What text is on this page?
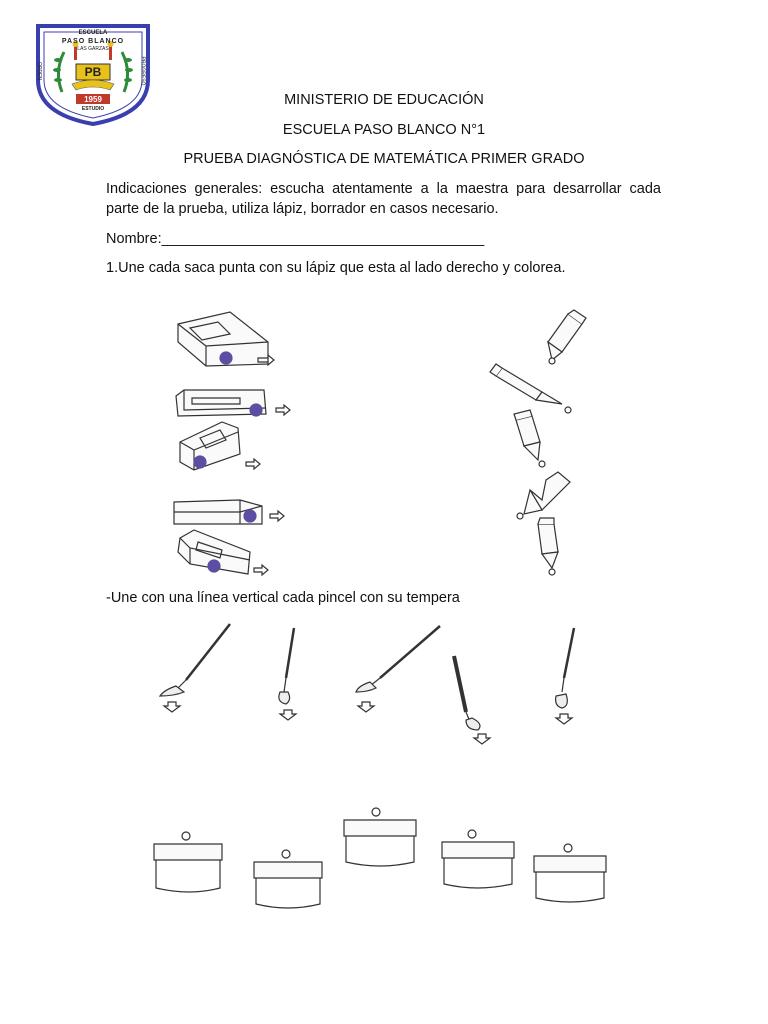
ESCUELA
PASO BLANCO
LAS GARZAS
PB
ORDEN	PROGRESO
1959
ESTUDIO
MINISTERIO DE EDUCACIÓN
ESCUELA PASO BLANCO N°1
PRUEBA DIAGNÓSTICA DE MATEMÁTICA PRIMER GRADO
Indicaciones generales: escucha atentamente a la maestra para desarrollar cada parte de la prueba, utiliza lápiz, borrador en casos necesario.
Nombre:________________________________________
1.Une cada saca punta con su lápiz que esta al lado derecho y colorea.
-Une con una línea vertical cada pincel con su tempera
